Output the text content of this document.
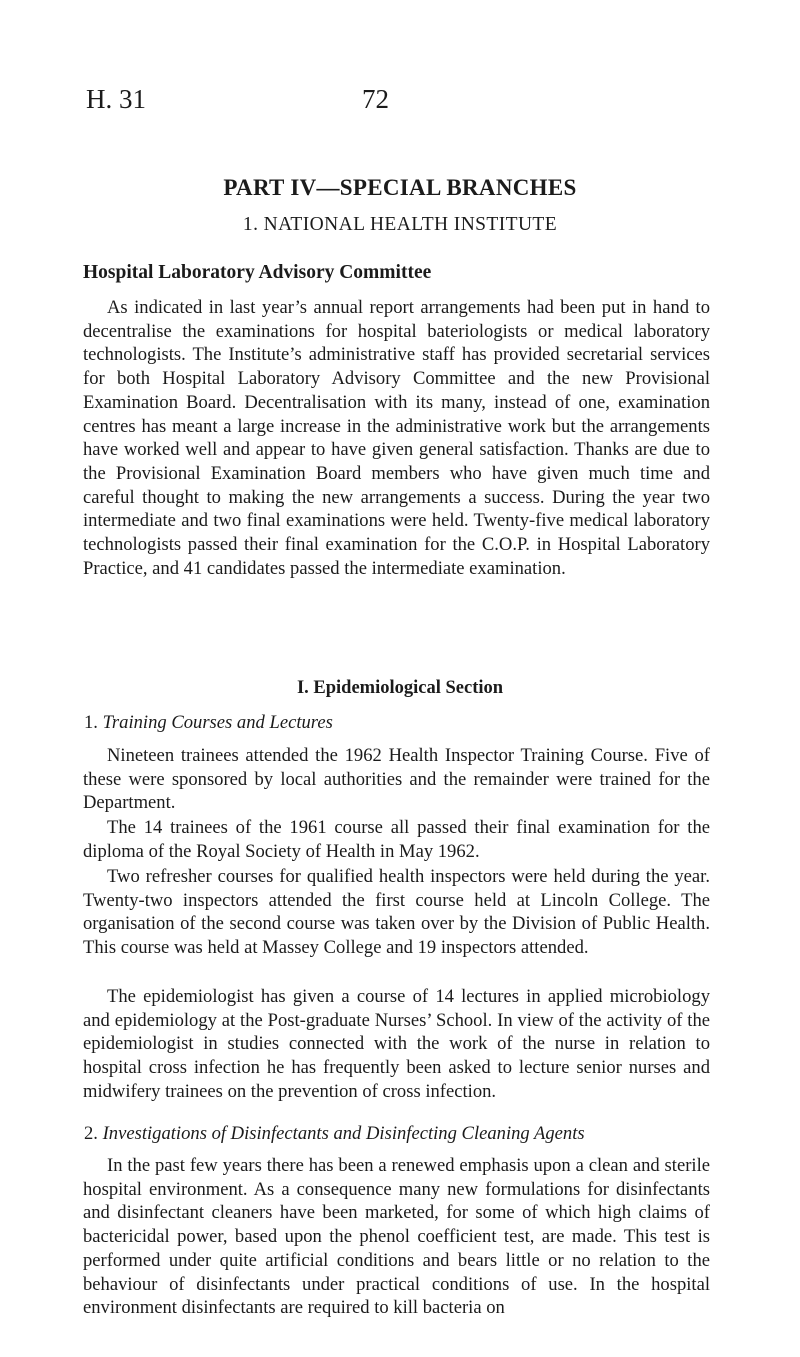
H. 31	72
PART IV—SPECIAL BRANCHES
1. NATIONAL HEALTH INSTITUTE
Hospital Laboratory Advisory Committee

As indicated in last year’s annual report arrangements had been put in hand to decentralise the examinations for hospital bateriologists or medical laboratory technologists. The Institute’s administrative staff has provided secretarial services for both Hospital Laboratory Advisory Committee and the new Provisional Examination Board. Decentralisation with its many, instead of one, examination centres has meant a large increase in the administrative work but the arrangements have worked well and appear to have given general satisfaction. Thanks are due to the Provisional Examination Board members who have given much time and careful thought to making the new arrangements a success. During the year two intermediate and two final examinations were held. Twenty-five medical laboratory technologists passed their final examination for the C.O.P. in Hospital Laboratory Practice, and 41 candidates passed the intermediate examination.

I. Epidemiological Section
1. Training Courses and Lectures

Nineteen trainees attended the 1962 Health Inspector Training Course. Five of these were sponsored by local authorities and the remainder were trained for the Department.

The 14 trainees of the 1961 course all passed their final examination for the diploma of the Royal Society of Health in May 1962.

Two refresher courses for qualified health inspectors were held during the year. Twenty-two inspectors attended the first course held at Lincoln College. The organisation of the second course was taken over by the Division of Public Health. This course was held at Massey College and 19 inspectors attended.

The epidemiologist has given a course of 14 lectures in applied microbiology and epidemiology at the Post-graduate Nurses’ School. In view of the activity of the epidemiologist in studies connected with the work of the nurse in relation to hospital cross infection he has frequently been asked to lecture senior nurses and midwifery trainees on the prevention of cross infection.

2. Investigations of Disinfectants and Disinfecting Cleaning Agents

In the past few years there has been a renewed emphasis upon a clean and sterile hospital environment. As a consequence many new formulations for disinfectants and disinfectant cleaners have been marketed, for some of which high claims of bactericidal power, based upon the phenol coefficient test, are made. This test is performed under quite artificial conditions and bears little or no relation to the behaviour of disinfectants under practical conditions of use. In the hospital environment disinfectants are required to kill bacteria on
